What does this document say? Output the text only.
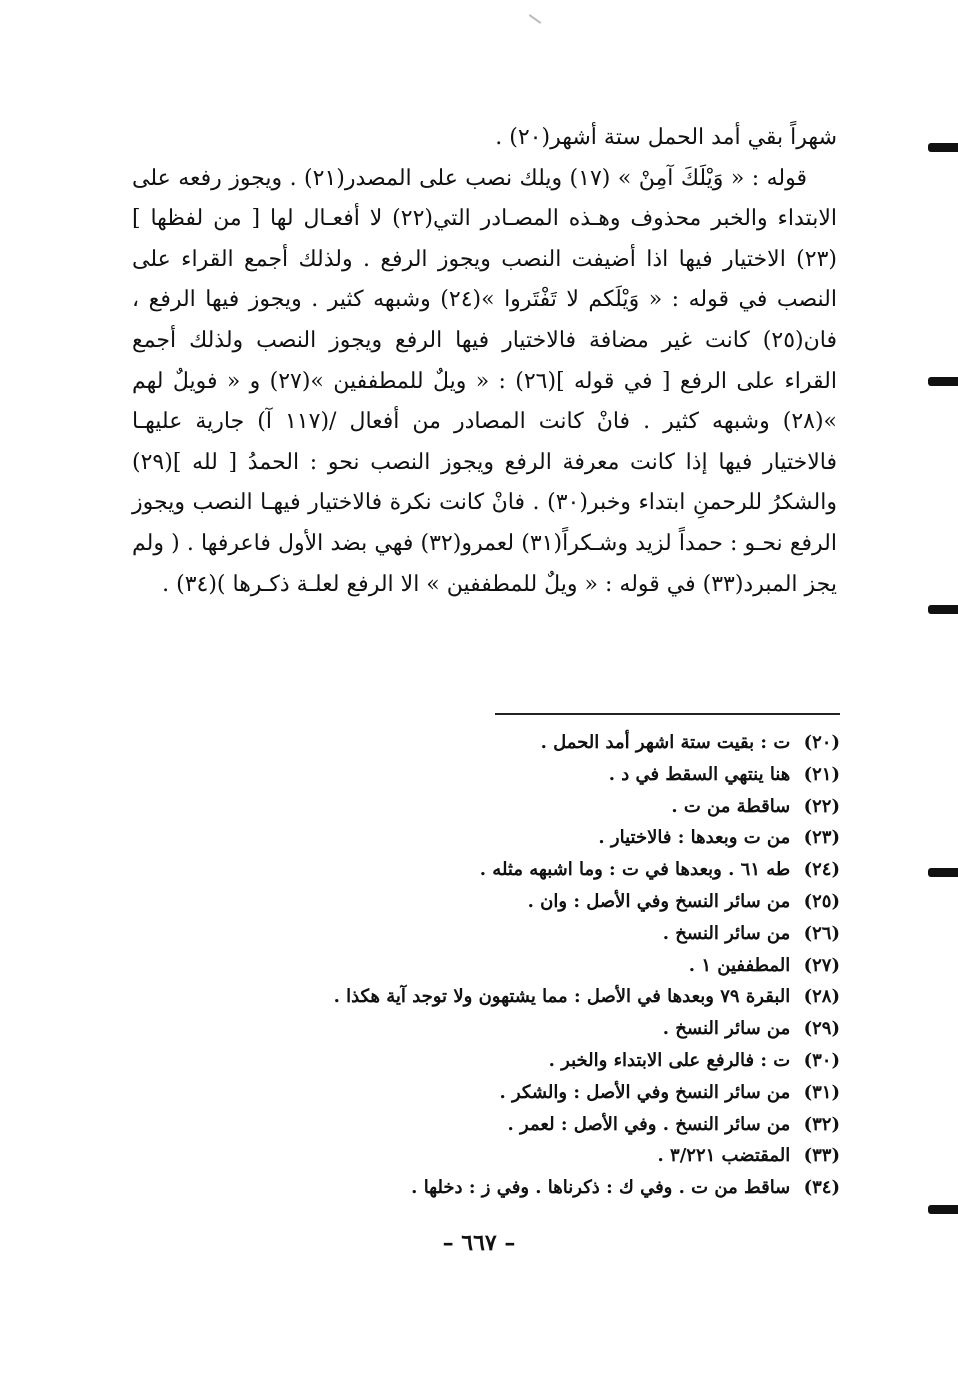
شهراً بقي أمد الحمل ستة أشهر(٢٠) .

قوله : « وَيْلَكَ آمِنْ » (١٧) ويلك نصب على المصدر(٢١) . ويجوز رفعه على الابتداء والخبر محذوف وهـذه المصـادر التي(٢٢) لا أفعـال لها [ من لفظها ](٢٣) الاختيار فيها اذا أضيفت النصب ويجوز الرفع . ولذلك أجمع القراء على النصب في قوله : « وَيْلَكم لا تَفْتَروا »(٢٤) وشبهه كثير . ويجوز فيها الرفع ، فان(٢٥) كانت غير مضافة فالاختيار فيها الرفع ويجوز النصب ولذلك أجمع القراء على الرفع [ في قوله ](٢٦) : « ويلٌ للمطففين »(٢٧) و « فويلٌ لهم »(٢٨) وشبهه كثير . فانْ كانت المصادر من أفعال /(١١٧ آ) جارية عليهـا فالاختيار فيها إذا كانت معرفة الرفع ويجوز النصب نحو : الحمدُ [ لله ](٢٩) والشكرُ للرحمنِ ابتداء وخبر(٣٠) . فانْ كانت نكرة فالاختيار فيهـا النصب ويجوز الرفع نحـو : حمداً لزيد وشـكراً(٣١) لعمرو(٣٢) فهي بضد الأول فاعرفها . ( ولم يجز المبرد(٣٣) في قوله : « ويلٌ للمطففين » الا الرفع لعلـة ذكـرها )(٣٤) .

(٢٠) ت : بقيت ستة اشهر أمد الحمل .
(٢١) هنا ينتهي السقط في د .
(٢٢) ساقطة من ت .
(٢٣) من ت وبعدها : فالاختيار .
(٢٤) طه ٦١ . وبعدها في ت : وما اشبهه مثله .
(٢٥) من سائر النسخ وفي الأصل : وان .
(٢٦) من سائر النسخ .
(٢٧) المطففين ١ .
(٢٨) البقرة ٧٩ وبعدها في الأصل : مما يشتهون ولا توجد آية هكذا .
(٢٩) من سائر النسخ .
(٣٠) ت : فالرفع على الابتداء والخبر .
(٣١) من سائر النسخ وفي الأصل : والشكر .
(٣٢) من سائر النسخ . وفي الأصل : لعمر .
(٣٣) المقتضب ٣/٢٢١ .
(٣٤) ساقط من ت . وفي ك : ذكرناها . وفي ز : دخلها .
– ٦٦٧ –
